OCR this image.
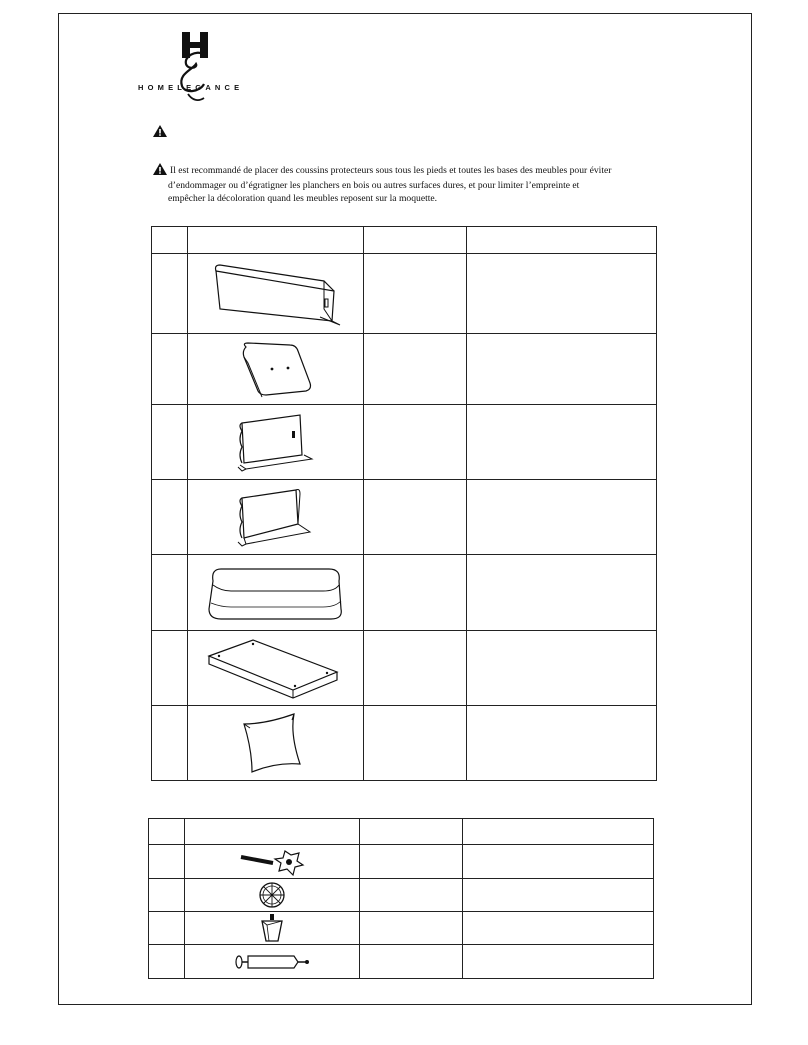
HOMELEGANCE
Il est recommandé de placer des coussins protecteurs sous tous les pieds et toutes les bases des meubles pour éviter
d’endommager ou d’égratigner les planchers en bois ou autres surfaces dures, et pour limiter l’empreinte et
empêcher la décoloration quand les meubles reposent sur la moquette.
